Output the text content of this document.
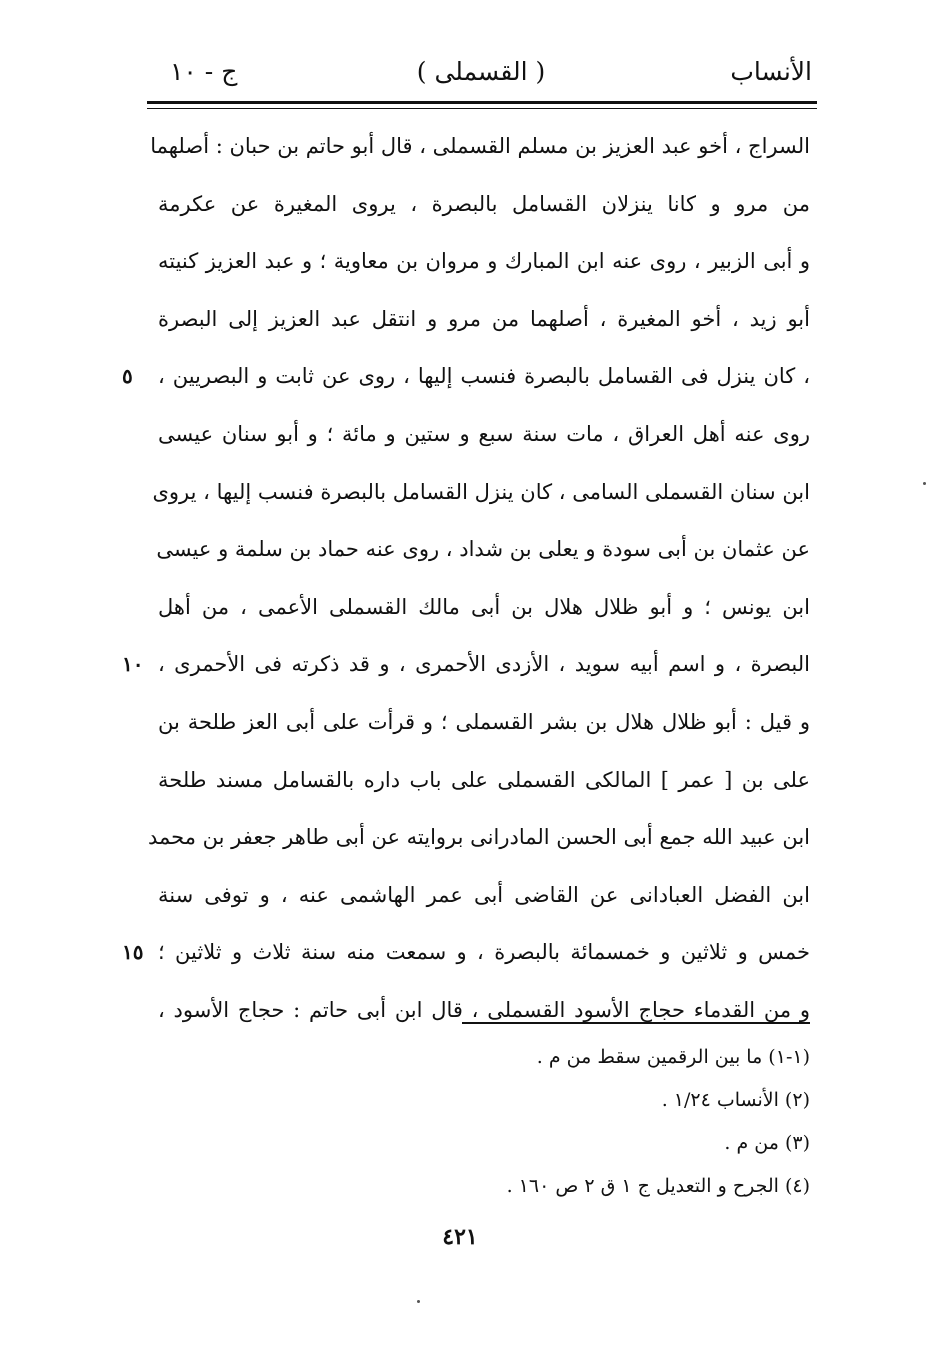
الأنساب
( القسملى )
ج - ١٠
السراج ، أخو عبد العزيز بن مسلم القسملى ، قال أبو حاتم بن حبان : أصلهما
من مرو و كانا ينزلان القسامل بالبصرة ، يروى المغيرة عن عكرمة
و أبى الزبير ، روى عنه ابن المبارك و مروان بن معاوية ؛ و عبد العزيز كنيته
أبو زيد ، أخو المغيرة ، أصلهما من مرو و انتقل عبد العزيز إلى البصرة
، كان ينزل فى القسامل بالبصرة فنسب إليها ، روى عن ثابت و البصريين ،
٥
روى عنه أهل العراق ، مات سنة سبع و ستين و مائة ؛ و أبو سنان عيسى
ابن سنان القسملى السامى ، كان ينزل القسامل بالبصرة فنسب إليها ، يروى
عن عثمان بن أبى سودة و يعلى بن شداد ، روى عنه حماد بن سلمة و عيسى
ابن يونس ؛ و أبو ظلال هلال بن أبى مالك القسملى الأعمى ، من أهل
البصرة ، و اسم أبيه سويد ، الأزدى الأحمرى ، و قد ذكرته فى الأحمرى ،
١٠
و قيل : أبو ظلال هلال بن بشر القسملى ؛ و قرأت على أبى العز طلحة بن
على بن [ عمر ] المالكى القسملى على باب داره بالقسامل مسند طلحة
ابن عبيد الله جمع أبى الحسن المادرانى بروايته عن أبى طاهر جعفر بن محمد
ابن الفضل العبادانى عن القاضى أبى عمر الهاشمى عنه ، و توفى سنة
خمس و ثلاثين و خمسمائة بالبصرة ، و سمعت منه سنة ثلاث و ثلاثين ؛
١٥
و من القدماء حجاج الأسود القسملى ، قال ابن أبى حاتم : حجاج الأسود ،
(١-١) ما بين الرقمين سقط من م .
(٢) الأنساب ١/٢٤ .
(٣) من م .
(٤) الجرح و التعديل ج ١ ق ٢ ص ١٦٠ .
٤٢١
